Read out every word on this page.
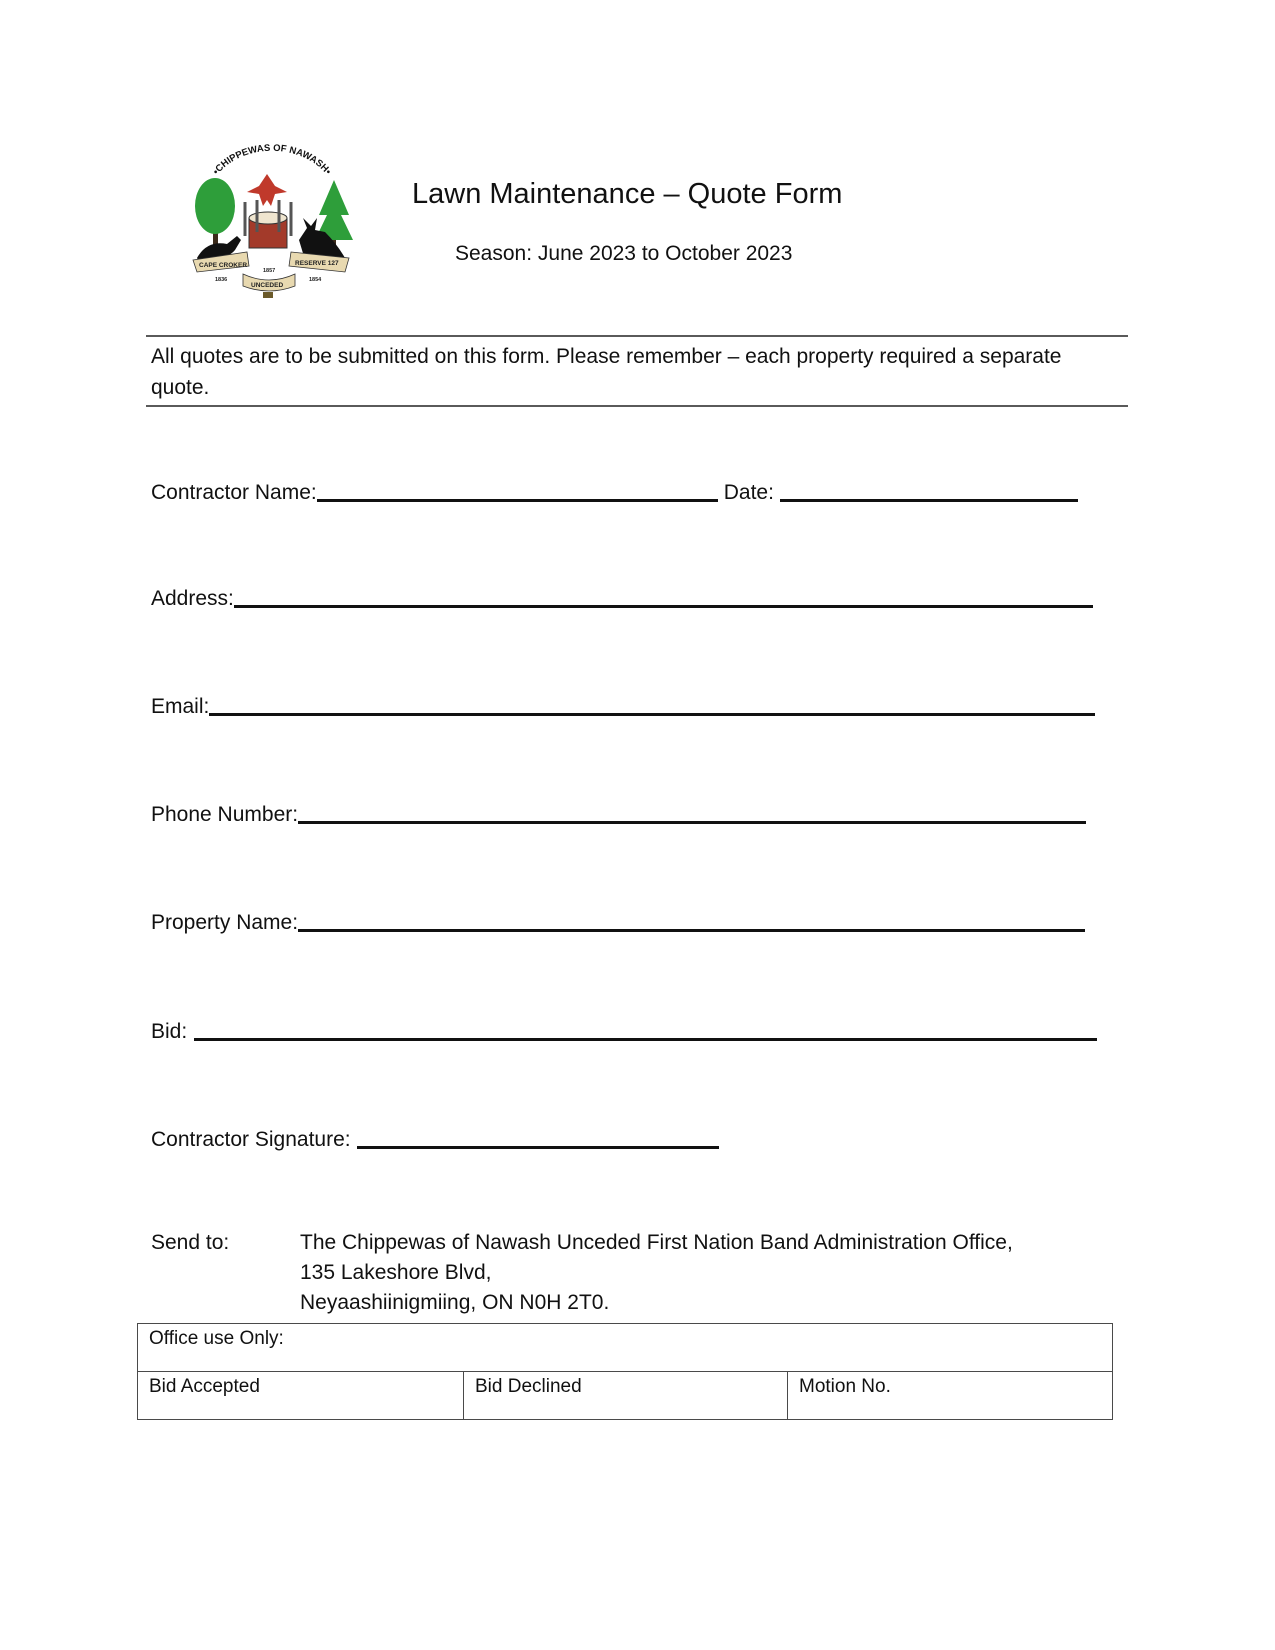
•CHIPPEWAS OF NAWASH•
CAPE CROKER	RESERVE 127
UNCEDED
1836
1857
1854
Lawn Maintenance – Quote Form
Season: June 2023 to October 2023
All quotes are to be submitted on this form. Please remember – each property required a separate quote.
Contractor Name:	Date:
Address:
Email:
Phone Number:
Property Name:
Bid:
Contractor Signature:
Send to:	The Chippewas of Nawash Unceded First Nation Band Administration Office,
135 Lakeshore Blvd,
Neyaashiinigmiing, ON N0H 2T0.
Office use Only:
Bid Accepted	Bid Declined	Motion No.
